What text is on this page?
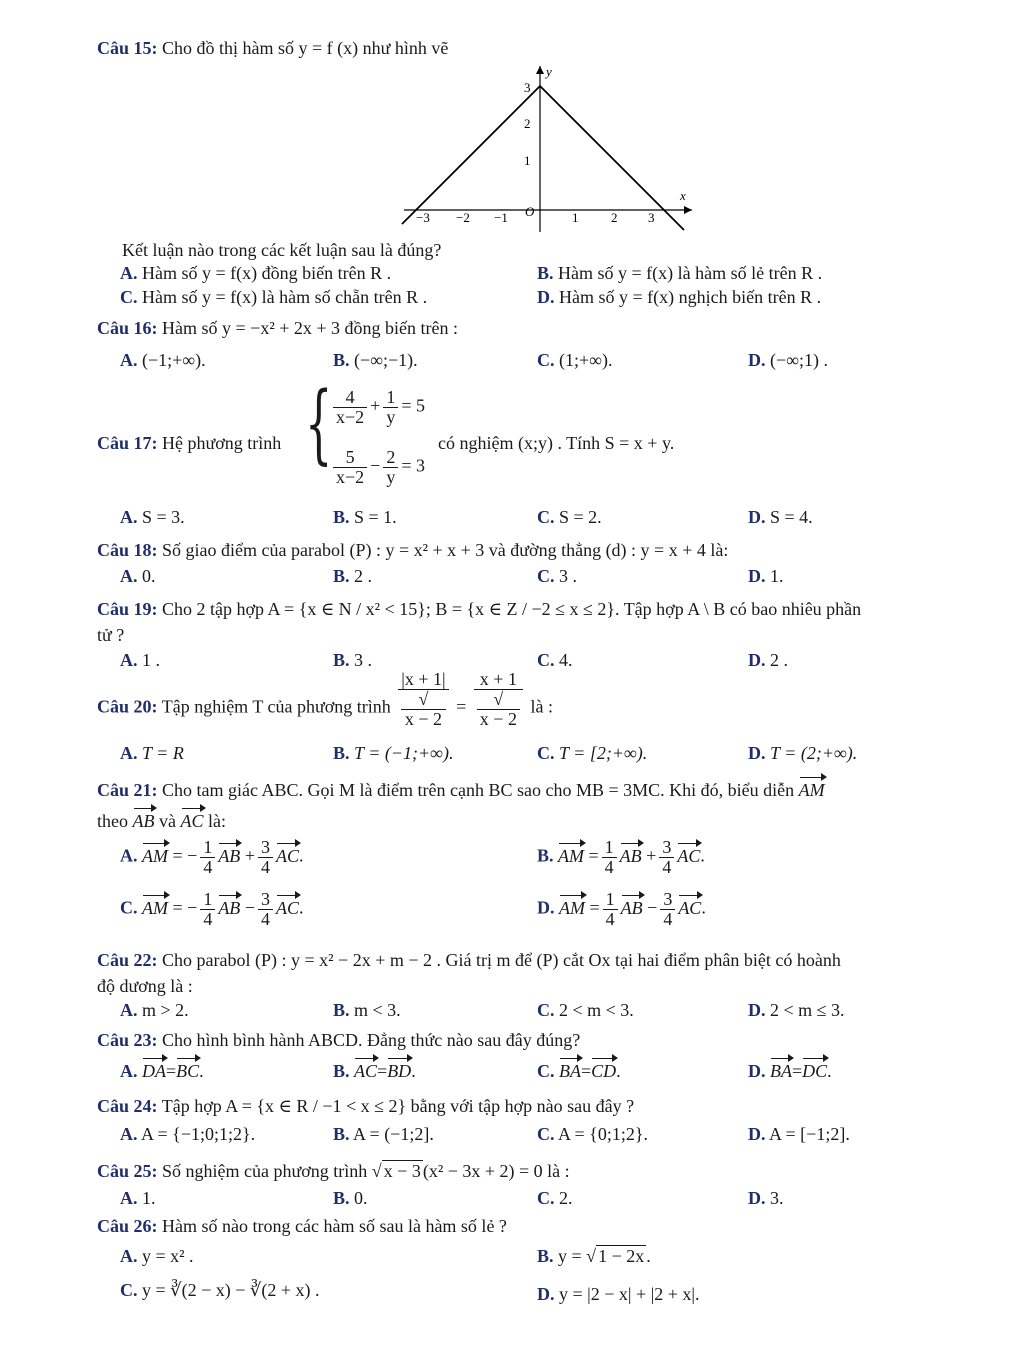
Câu 15: Cho đồ thị hàm số y = f (x) như hình vẽ
y
x
O
−3 −2 −1	1	2 3
1
2
3
Kết luận nào trong các kết luận sau là đúng?
A. Hàm số y = f(x) đồng biến trên R .	B. Hàm số y = f(x) là hàm số lẻ trên R .
C. Hàm số y = f(x) là hàm số chẵn trên R .	D. Hàm số y = f(x) nghịch biến trên R .
Câu 16: Hàm số y = −x² + 2x + 3 đồng biến trên :
A. (−1;+∞).	B. (−∞;−1).	C. (1;+∞).	D. (−∞;1) .
Câu 17: Hệ phương trình { $\frac{4}{x-2} + \frac{1}{y} = 5$
$\frac{5}{x-2} - \frac{2}{y} = 3$
có nghiệm (x;y) . Tính S = x + y.
A. S = 3.	B. S = 1.	C. S = 2.	D. S = 4.
Câu 18: Số giao điểm của parabol (P) : y = x² + x + 3 và đường thẳng (d) : y = x + 4 là:
A. 0.	B. 2 .	C. 3 .	D. 1.
Câu 19: Cho 2 tập hợp A = {x ∈ N / x² < 15}; B = {x ∈ Z / −2 ≤ x ≤ 2}. Tập hợp A \ B có bao nhiêu phần
tử ?
A. 1 .	B. 3 .	C. 4.	D. 2 .
Câu 20: Tập nghiệm T của phương trình |x + 1|
√
x − 2 = x + 1
√
x − 2 là :
A. T = R	B. T = (−1;+∞).	C. T = [2;+∞).	D. T = (2;+∞).
Câu 21: Cho tam giác ABC. Gọi M là điểm trên cạnh BC sao cho MB = 3MC. Khi đó, biểu diễn AM
theo AB và AC là:
A. AM = − $\frac{1}{4}$ AB + $\frac{3}{4}$ AC.	B. AM = $\frac{1}{4}$ AB + $\frac{3}{4}$ AC.
C. AM = − $\frac{1}{4}$ AB − $\frac{3}{4}$ AC.	D. AM = $\frac{1}{4}$ AB − $\frac{3}{4}$ AC.
Câu 22: Cho parabol (P) : y = x² − 2x + m − 2 . Giá trị m để (P) cắt Ox tại hai điểm phân biệt có hoành
độ dương là :
A. m > 2.	B. m < 3.	C. 2 < m < 3.	D. 2 < m ≤ 3.
Câu 23: Cho hình bình hành ABCD. Đẳng thức nào sau đây đúng?
A. DA=BC.	B. AC=BD.	C. BA=CD.	D. BA=DC.
Câu 24: Tập hợp A = {x ∈ R / −1 < x ≤ 2} bằng với tập hợp nào sau đây ?
A. A = {−1;0;1;2}.	B. A = (−1;2].	C. A = {0;1;2}.	D. A = [−1;2].
Câu 25: Số nghiệm của phương trình √ x − 3 (x² − 3x + 2) = 0 là :
A. 1.	B. 0.	C. 2.	D. 3.
Câu 26: Hàm số nào trong các hàm số sau là hàm số lẻ ?
A. y = x² .	B. y = √ 1 − 2x .
C. y = ∛(2 − x) − ∛(2 + x) .	D. y = |2 − x| + |2 + x|.
